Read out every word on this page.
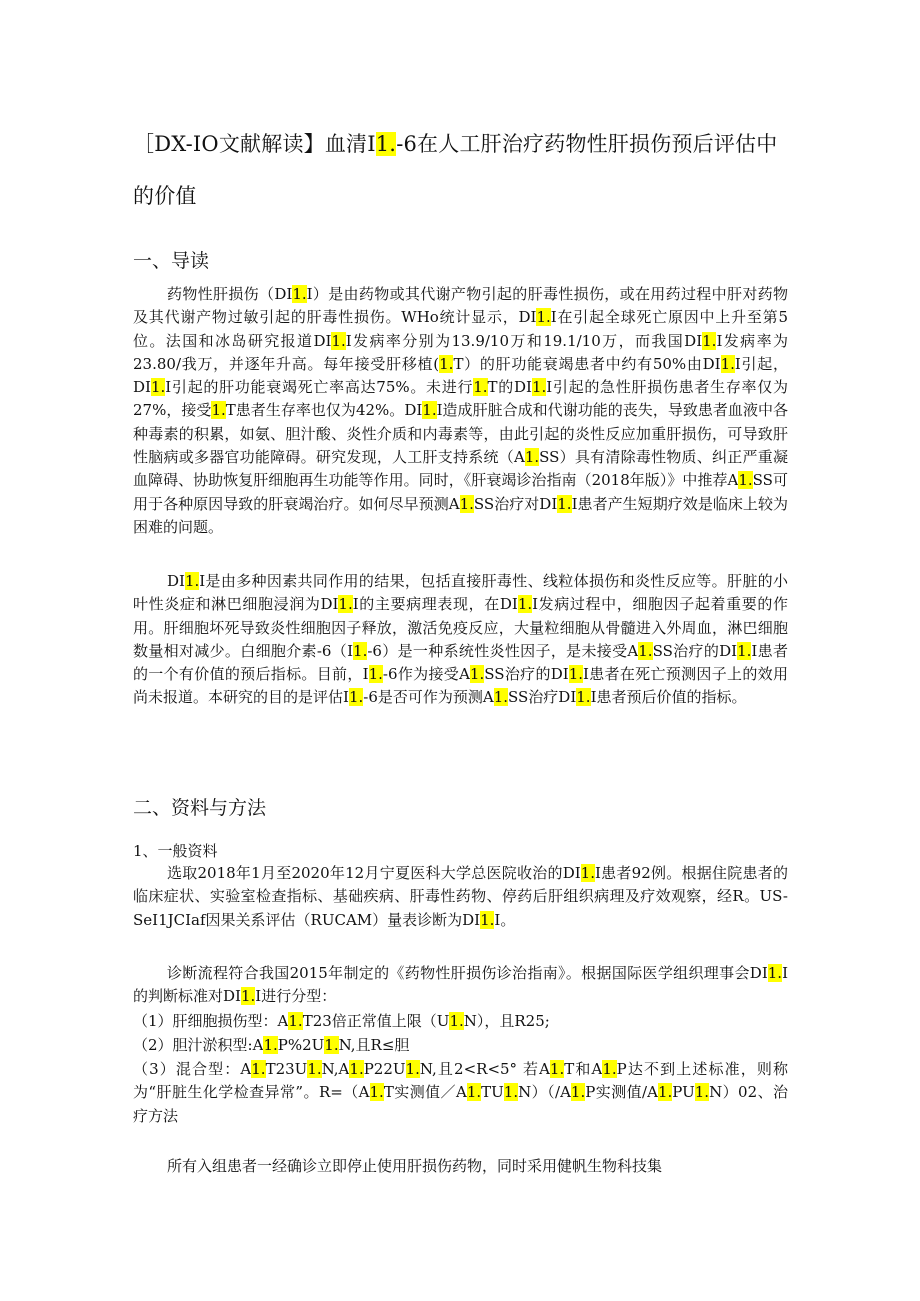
［DX-IO文献解读】血清I1.-6在人工肝治疗药物性肝损伤预后评估中的价值
一、导读
药物性肝损伤（DI1.I）是由药物或其代谢产物引起的肝毒性损伤，或在用药过程中肝对药物及其代谢产物过敏引起的肝毒性损伤。WHo统计显示，DI1.I在引起全球死亡原因中上升至第5位。法国和冰岛研究报道DI1.I发病率分别为13.9/10万和19.1/10万，而我国DI1.I发病率为23.80/我万，并逐年升高。每年接受肝移植(1.T）的肝功能衰竭患者中约有50%由DI1.I引起，DI1.I引起的肝功能衰竭死亡率高达75%。未进行1.T的DI1.I引起的急性肝损伤患者生存率仅为27%，接受1.T患者生存率也仅为42%。DI1.I造成肝脏合成和代谢功能的丧失，导致患者血液中各种毒素的积累，如氨、胆汁酸、炎性介质和内毒素等，由此引起的炎性反应加重肝损伤，可导致肝性脑病或多器官功能障碍。研究发现，人工肝支持系统（A1.SS）具有清除毒性物质、纠正严重凝血障碍、协助恢复肝细胞再生功能等作用。同时，《肝衰竭诊治指南（2018年版）》中推荐A1.SS可用于各种原因导致的肝衰竭治疗。如何尽早预测A1.SS治疗对DI1.I患者产生短期疗效是临床上较为困难的问题。
DI1.I是由多种因素共同作用的结果，包括直接肝毒性、线粒体损伤和炎性反应等。肝脏的小叶性炎症和淋巴细胞浸润为DI1.I的主要病理表现，在DI1.I发病过程中，细胞因子起着重要的作用。肝细胞坏死导致炎性细胞因子释放，激活免疫反应，大量粒细胞从骨髓进入外周血，淋巴细胞数量相对减少。白细胞介素-6（I1.-6）是一种系统性炎性因子，是未接受A1.SS治疗的DI1.I患者的一个有价值的预后指标。目前，I1.-6作为接受A1.SS治疗的DI1.I患者在死亡预测因子上的效用尚未报道。本研究的目的是评估I1.-6是否可作为预测A1.SS治疗DI1.I患者预后价值的指标。
二、资料与方法
1、一般资料
选取2018年1月至2020年12月宁夏医科大学总医院收治的DI1.I患者92例。根据住院患者的临床症状、实验室检查指标、基础疾病、肝毒性药物、停药后肝组织病理及疗效观察，经R。US-SeI1JCIaf因果关系评估（RUCAM）量表诊断为DI1.I。
诊断流程符合我国2015年制定的《药物性肝损伤诊治指南》。根据国际医学组织理事会DI1.I的判断标准对DI1.I进行分型：
（1）肝细胞损伤型：A1.T23倍正常值上限（U1.N），且R25;
（2）胆汁淤积型:A1.P%2U1.N,且R≤胆
（3）混合型：A1.T23U1.N,A1.P22U1.N,且2<R<5° 若A1.T和A1.P达不到上述标准，则称为“肝脏生化学检查异常”。R=（A1.T实测值／A1.TU1.N）（/A1.P实测值/A1.PU1.N）02、治疗方法
所有入组患者一经确诊立即停止使用肝损伤药物，同时采用健帆生物科技集
